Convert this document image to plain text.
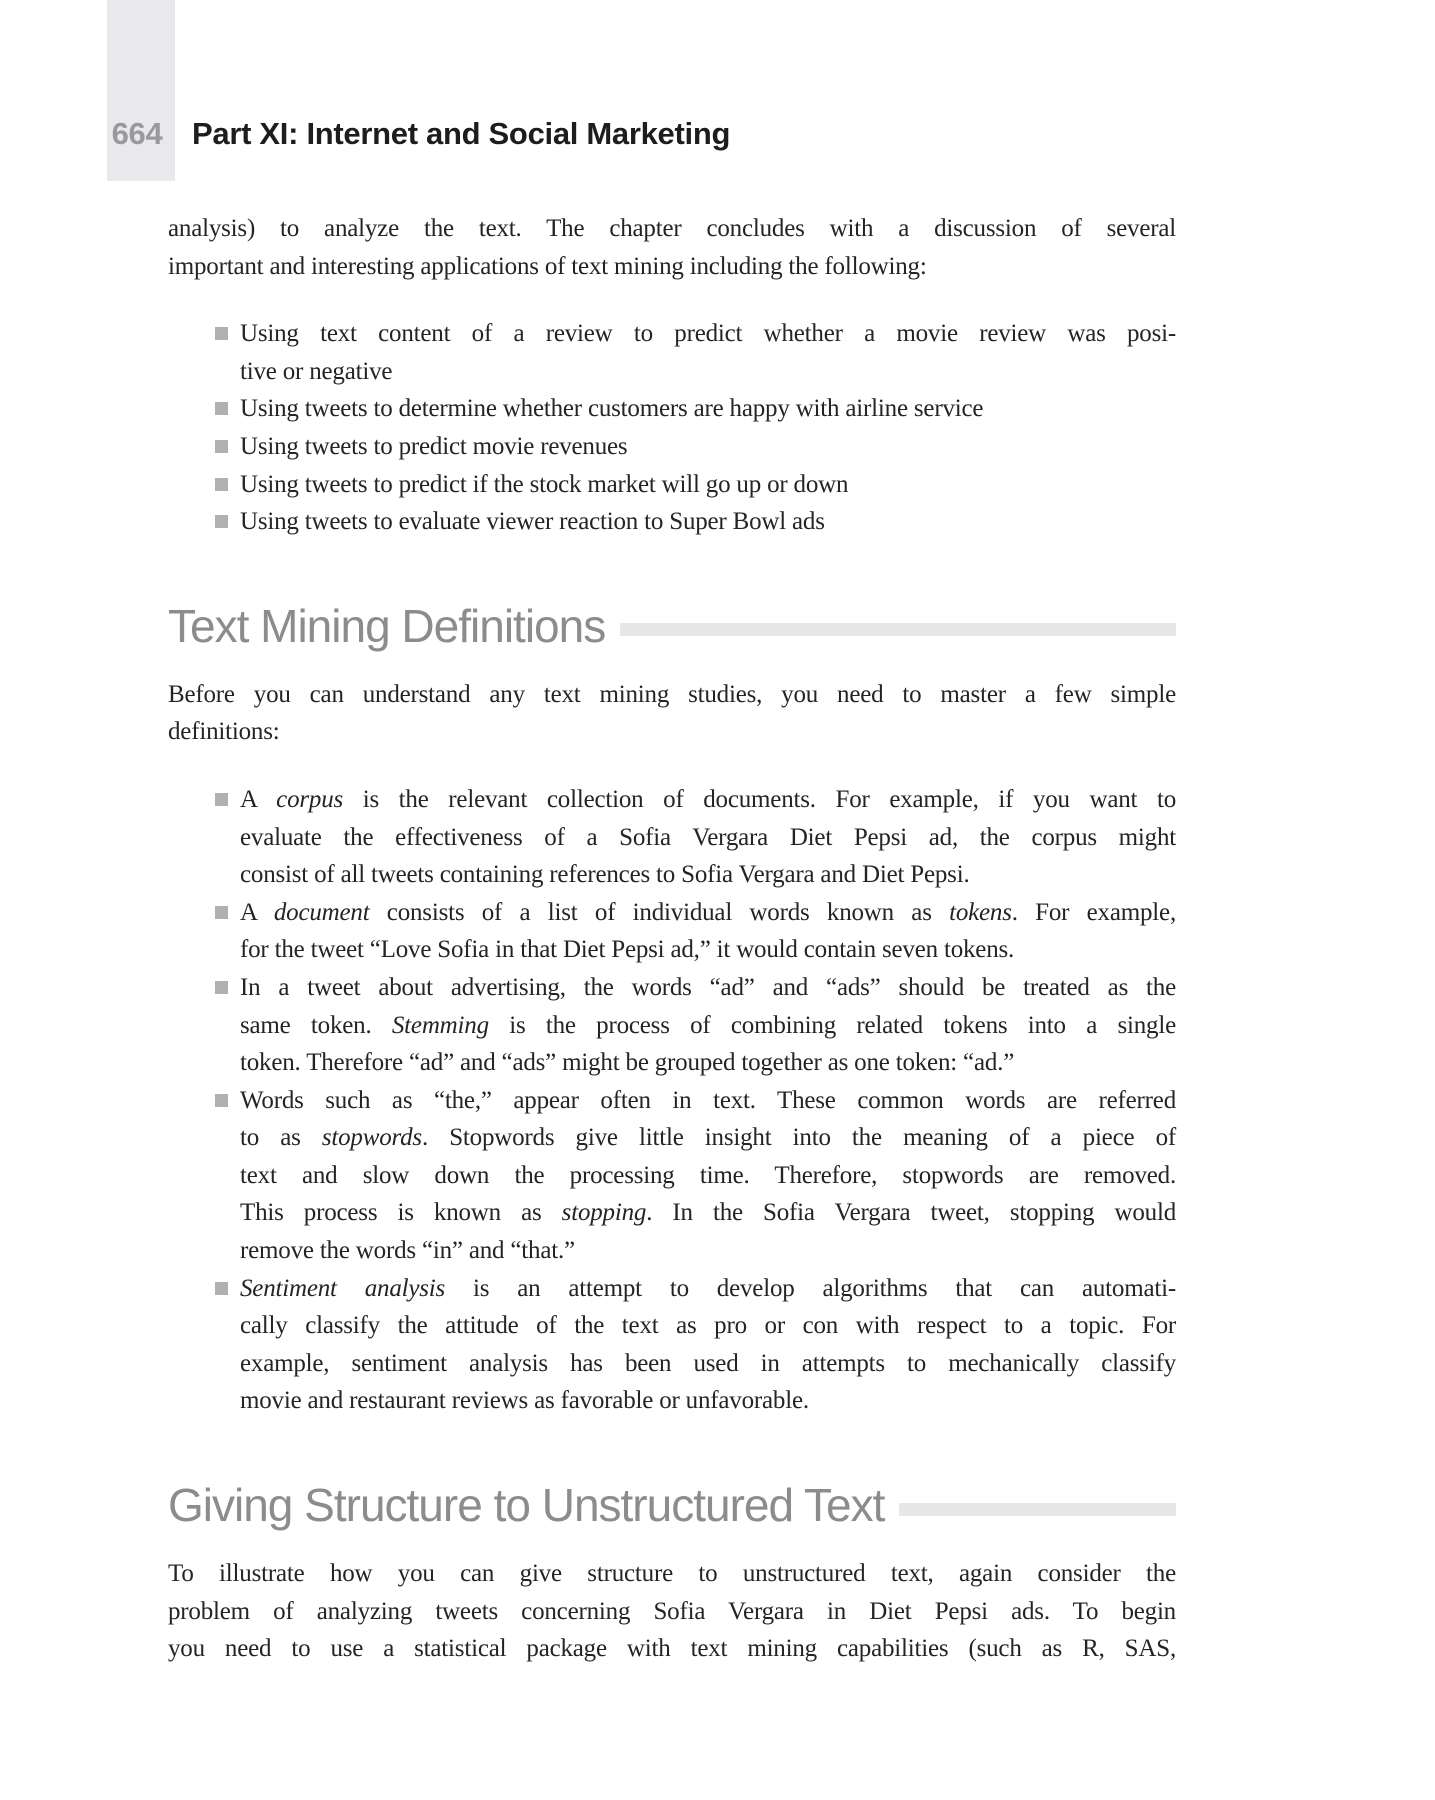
664 Part XI: Internet and Social Marketing
analysis) to analyze the text. The chapter concludes with a discussion of several
important and interesting applications of text mining including the following:
Using text content of a review to predict whether a movie review was posi-
tive or negative
Using tweets to determine whether customers are happy with airline service
Using tweets to predict movie revenues
Using tweets to predict if the stock market will go up or down
Using tweets to evaluate viewer reaction to Super Bowl ads
Text Mining Definitions
Before you can understand any text mining studies, you need to master a few simple
definitions:
A corpus is the relevant collection of documents. For example, if you want to
evaluate the effectiveness of a Sofia Vergara Diet Pepsi ad, the corpus might
consist of all tweets containing references to Sofia Vergara and Diet Pepsi.
A document consists of a list of individual words known as tokens. For example,
for the tweet “Love Sofia in that Diet Pepsi ad,” it would contain seven tokens.
In a tweet about advertising, the words “ad” and “ads” should be treated as the
same token. Stemming is the process of combining related tokens into a single
token. Therefore “ad” and “ads” might be grouped together as one token: “ad.”
Words such as “the,” appear often in text. These common words are referred
to as stopwords. Stopwords give little insight into the meaning of a piece of
text and slow down the processing time. Therefore, stopwords are removed.
This process is known as stopping. In the Sofia Vergara tweet, stopping would
remove the words “in” and “that.”
Sentiment analysis is an attempt to develop algorithms that can automati-
cally classify the attitude of the text as pro or con with respect to a topic. For
example, sentiment analysis has been used in attempts to mechanically classify
movie and restaurant reviews as favorable or unfavorable.
Giving Structure to Unstructured Text
To illustrate how you can give structure to unstructured text, again consider the
problem of analyzing tweets concerning Sofia Vergara in Diet Pepsi ads. To begin
you need to use a statistical package with text mining capabilities (such as R, SAS,
